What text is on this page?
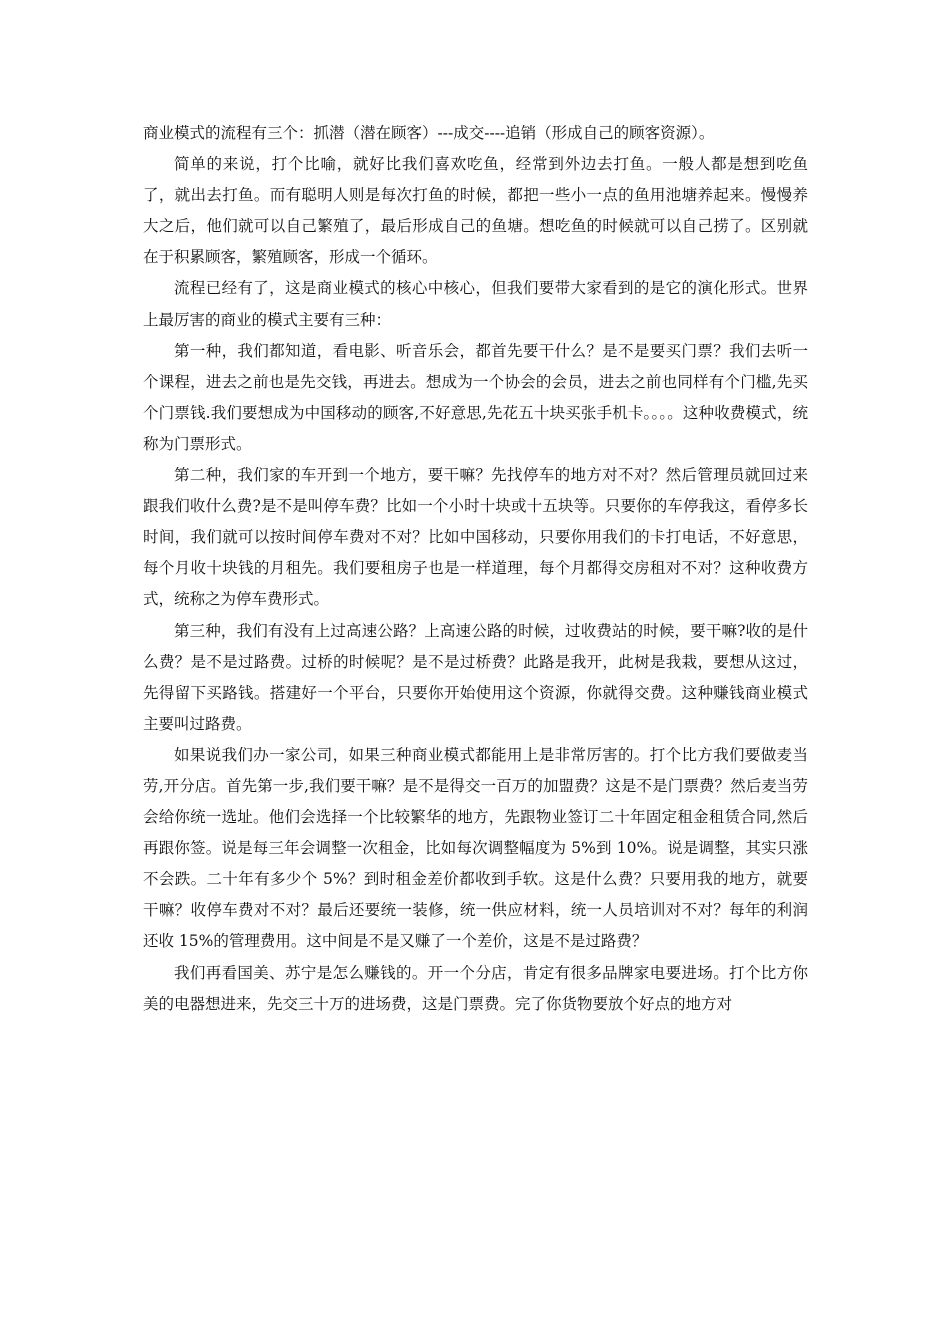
商业模式的流程有三个：抓潜（潜在顾客）---成交----追销（形成自己的顾客资源）。

简单的来说，打个比喻，就好比我们喜欢吃鱼，经常到外边去打鱼。一般人都是想到吃鱼了，就出去打鱼。而有聪明人则是每次打鱼的时候，都把一些小一点的鱼用池塘养起来。慢慢养大之后，他们就可以自己繁殖了，最后形成自己的鱼塘。想吃鱼的时候就可以自己捞了。区别就在于积累顾客，繁殖顾客，形成一个循环。

流程已经有了，这是商业模式的核心中核心，但我们要带大家看到的是它的演化形式。世界上最厉害的商业的模式主要有三种：

第一种，我们都知道，看电影、听音乐会，都首先要干什么？是不是要买门票？我们去听一个课程，进去之前也是先交钱，再进去。想成为一个协会的会员，进去之前也同样有个门槛,先买个门票钱.我们要想成为中国移动的顾客,不好意思,先花五十块买张手机卡。。。。这种收费模式，统称为门票形式。

第二种，我们家的车开到一个地方，要干嘛？先找停车的地方对不对？然后管理员就回过来跟我们收什么费?是不是叫停车费？比如一个小时十块或十五块等。只要你的车停我这，看停多长时间，我们就可以按时间停车费对不对？比如中国移动，只要你用我们的卡打电话，不好意思，每个月收十块钱的月租先。我们要租房子也是一样道理，每个月都得交房租对不对？这种收费方式，统称之为停车费形式。

第三种，我们有没有上过高速公路？上高速公路的时候，过收费站的时候，要干嘛?收的是什么费？是不是过路费。过桥的时候呢？是不是过桥费？此路是我开，此树是我栽，要想从这过，先得留下买路钱。搭建好一个平台，只要你开始使用这个资源，你就得交费。这种赚钱商业模式主要叫过路费。

如果说我们办一家公司，如果三种商业模式都能用上是非常厉害的。打个比方我们要做麦当劳,开分店。首先第一步,我们要干嘛？是不是得交一百万的加盟费？这是不是门票费？然后麦当劳会给你统一选址。他们会选择一个比较繁华的地方，先跟物业签订二十年固定租金租赁合同,然后再跟你签。说是每三年会调整一次租金，比如每次调整幅度为 5%到 10%。说是调整，其实只涨不会跌。二十年有多少个 5%？到时租金差价都收到手软。这是什么费？只要用我的地方，就要干嘛？收停车费对不对？最后还要统一装修，统一供应材料，统一人员培训对不对？每年的利润还收 15%的管理费用。这中间是不是又赚了一个差价，这是不是过路费？

我们再看国美、苏宁是怎么赚钱的。开一个分店，肯定有很多品牌家电要进场。打个比方你美的电器想进来，先交三十万的进场费，这是门票费。完了你货物要放个好点的地方对
